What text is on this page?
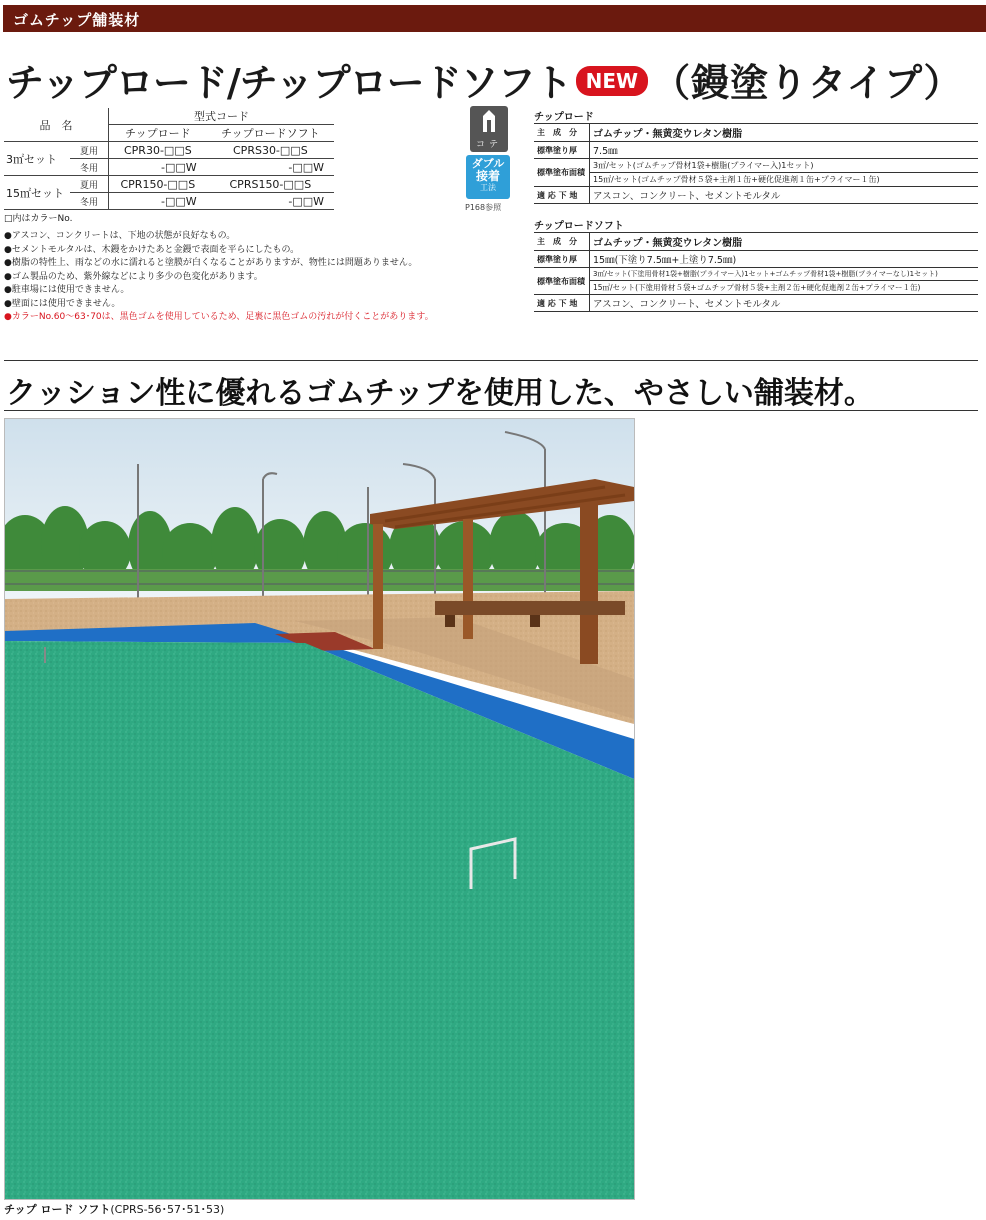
ゴムチップ舗装材
チップロード/チップロードソフト NEW （鏝塗りタイプ）
品　名		型式コード	
		チップロード	チップロードソフト
3㎡セット	夏用	CPR30-□□S	CPRS30-□□S
	冬用	-□□W	-□□W
15㎡セット	夏用	CPR150-□□S	CPRS150-□□S
	冬用	-□□W	-□□W
□内はカラーNo.
●アスコン、コンクリートは、下地の状態が良好なもの。
●セメントモルタルは、木鏝をかけたあと金鏝で表面を平らにしたもの。
●樹脂の特性上、雨などの水に濡れると塗膜が白くなることがありますが、物性には問題ありません。
●ゴム製品のため、紫外線などにより多少の色変化があります。
●駐車場には使用できません。
●壁面には使用できません。
●カラーNo.60～63･70は、黒色ゴムを使用しているため、足裏に黒色ゴムの汚れが付くことがあります。
コテ
ダブル
接着
工法
P168参照
チップロード
主　成　分	ゴムチップ・無黄変ウレタン樹脂
標準塗り厚	7.5㎜
標準塗布面積	3㎡/セット(ゴムチップ骨材1袋+樹脂(プライマー入)1セット)
	15㎡/セット(ゴムチップ骨材５袋+主剤１缶+硬化促進剤１缶+プライマー１缶)
適 応 下 地	アスコン、コンクリート、セメントモルタル
チップロードソフト
主　成　分	ゴムチップ・無黄変ウレタン樹脂
標準塗り厚	15㎜(下塗り7.5㎜+上塗り7.5㎜)
標準塗布面積	3㎡/セット(下塗用骨材1袋+樹脂(プライマー入)1セット+ゴムチップ骨材1袋+樹脂(プライマーなし)1セット)
	15㎡/セット(下塗用骨材５袋+ゴムチップ骨材５袋+主剤２缶+硬化促進剤２缶+プライマー１缶)
適 応 下 地	アスコン、コンクリート、セメントモルタル
クッション性に優れるゴムチップを使用した、やさしい舗装材。
チップ ロード ソフト(CPRS-56･57･51･53)
